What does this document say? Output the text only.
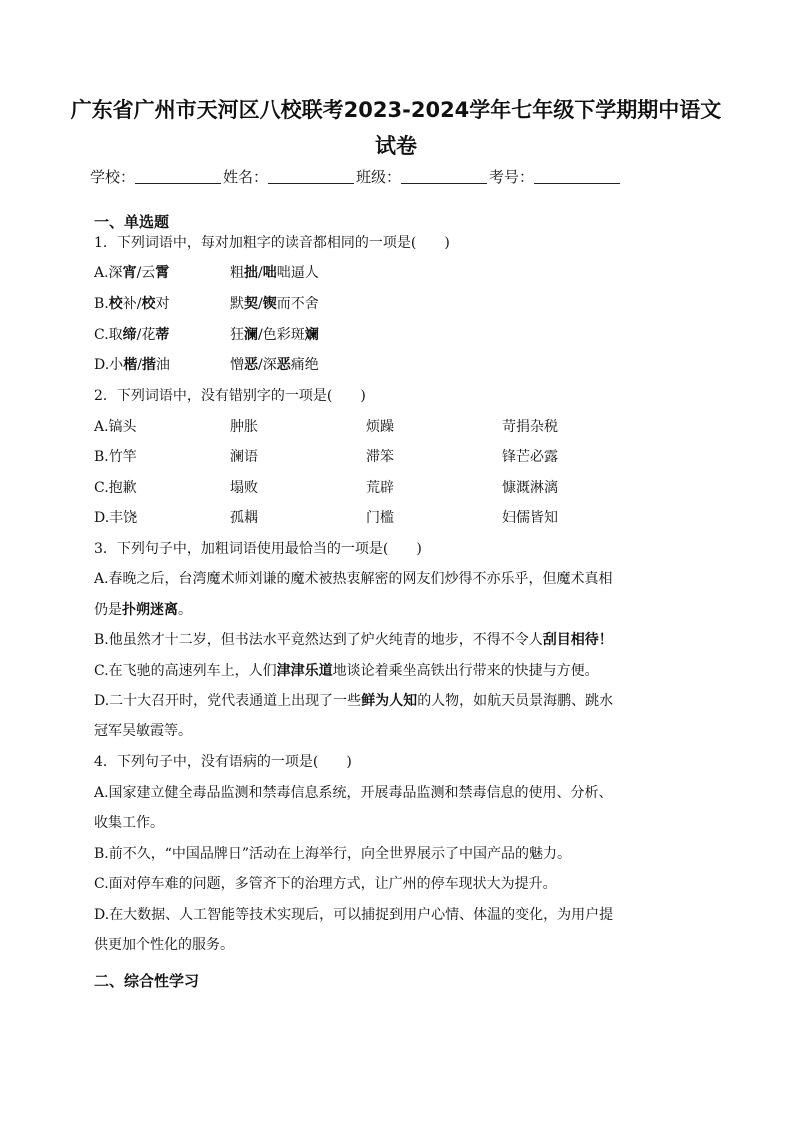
广东省广州市天河区八校联考2023-2024学年七年级下学期期中语文
试卷
学校：	姓名：	班级：	考号：
一、单选题
1．下列词语中，每对加粗字的读音都相同的一项是(　　)
A.深宵/云霄	粗拙/咄咄逼人
B.校补/校对	默契/锲而不舍
C.取缔/花蒂	狂澜/色彩斑斓
D.小楷/揩油	憎恶/深恶痛绝
2．下列词语中，没有错别字的一项是(　　)
A.镐头	肿胀	烦躁	苛捐杂税
B.竹竿	澜语	滞笨	锋芒必露
C.抱歉	塌败	荒辟	慷溉淋漓
D.丰饶	孤耦	门槛	妇儒皆知
3．下列句子中，加粗词语使用最恰当的一项是(　　)
A.春晚之后，台湾魔术师刘谦的魔术被热衷解密的网友们炒得不亦乐乎，但魔术真相
仍是扑朔迷离。
B.他虽然才十二岁，但书法水平竟然达到了炉火纯青的地步，不得不令人刮目相待！
C.在飞驰的高速列车上，人们津津乐道地谈论着乘坐高铁出行带来的快捷与方便。
D.二十大召开时，党代表通道上出现了一些鲜为人知的人物，如航天员景海鹏、跳水
冠军吴敏霞等。
4．下列句子中，没有语病的一项是(　　)
A.国家建立健全毒品监测和禁毒信息系统，开展毒品监测和禁毒信息的使用、分析、
收集工作。
B.前不久，“中国品牌日”活动在上海举行，向全世界展示了中国产品的魅力。
C.面对停车难的问题，多管齐下的治理方式，让广州的停车现状大为提升。
D.在大数据、人工智能等技术实现后，可以捕捉到用户心情、体温的变化，为用户提
供更加个性化的服务。
二、综合性学习
